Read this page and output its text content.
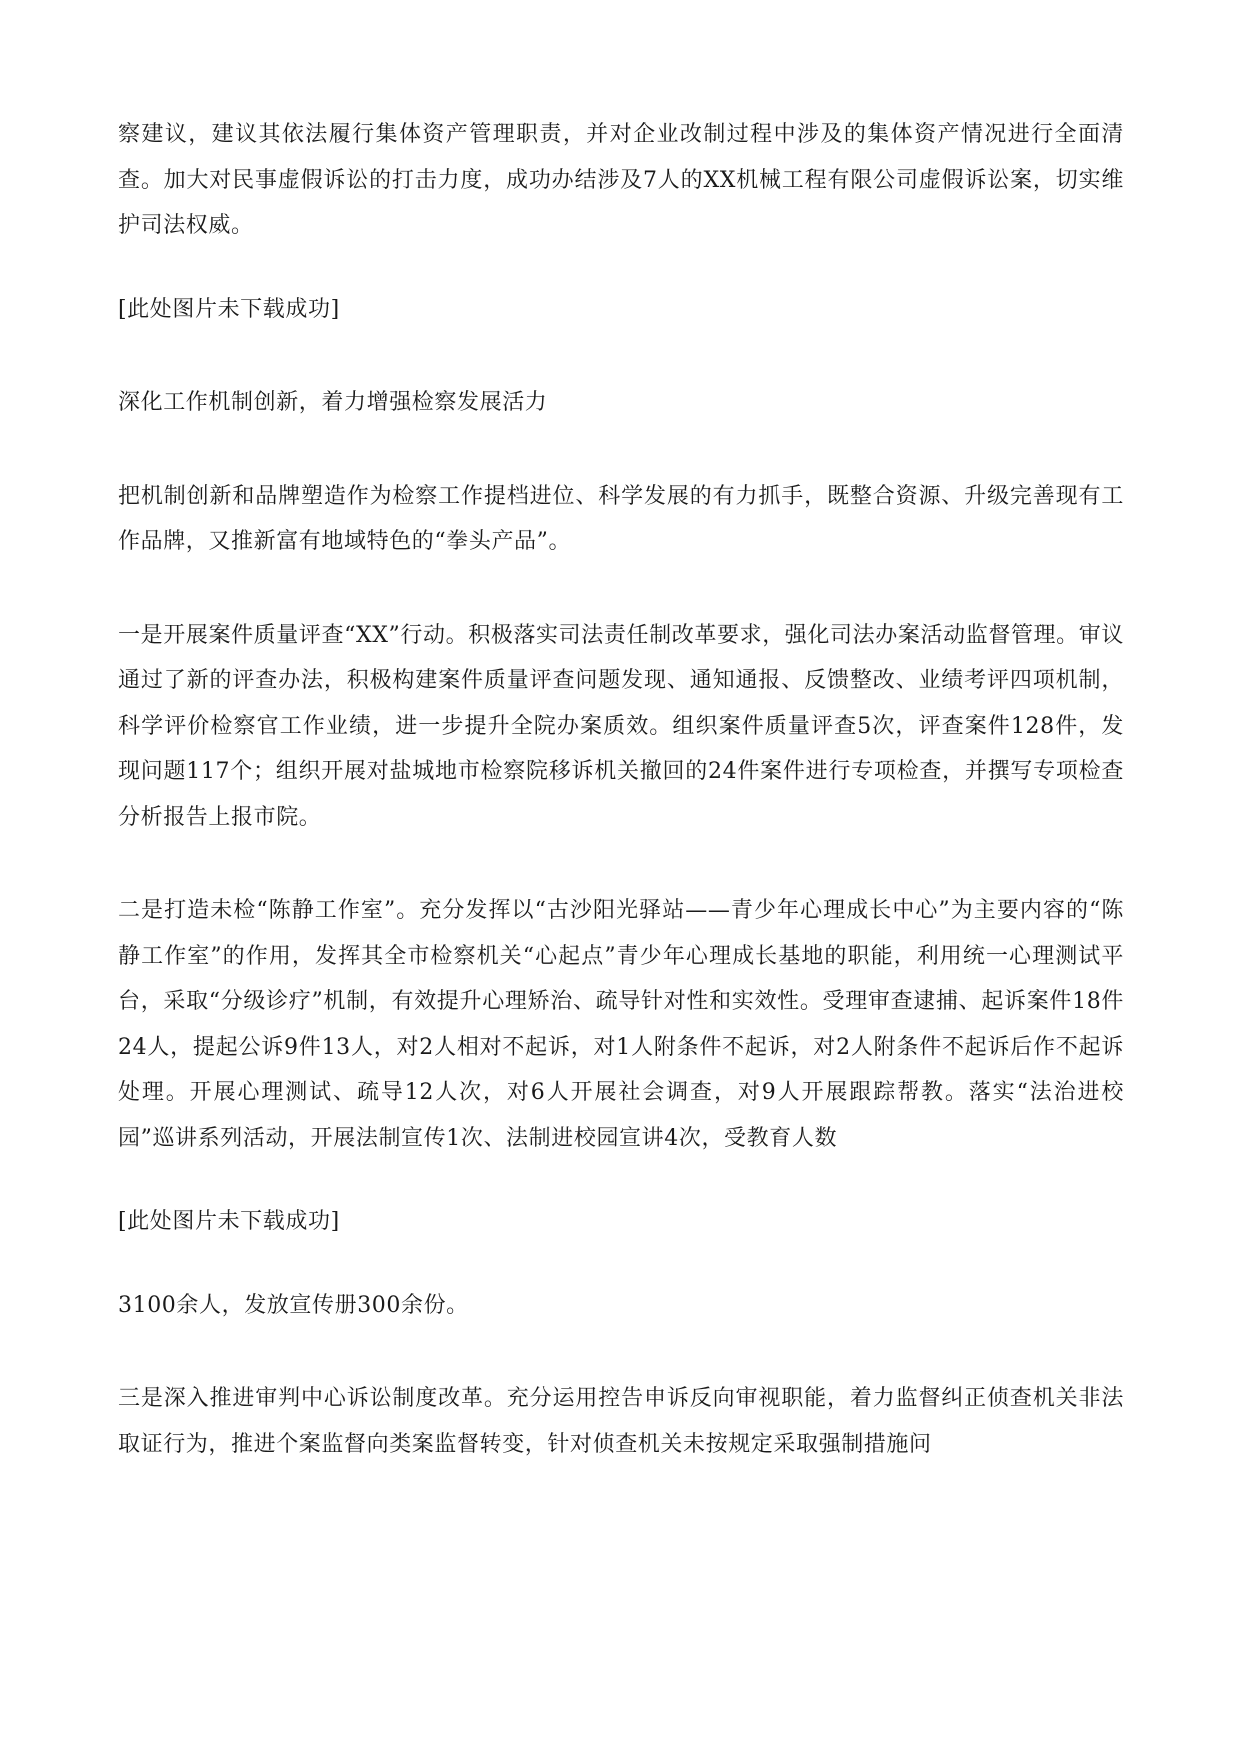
察建议，建议其依法履行集体资产管理职责，并对企业改制过程中涉及的集体资产情况进行全面清查。加大对民事虚假诉讼的打击力度，成功办结涉及7人的XX机械工程有限公司虚假诉讼案，切实维护司法权威。

[此处图片未下载成功]

深化工作机制创新，着力增强检察发展活力

把机制创新和品牌塑造作为检察工作提档进位、科学发展的有力抓手，既整合资源、升级完善现有工作品牌，又推新富有地域特色的“拳头产品”。

一是开展案件质量评查“XX”行动。积极落实司法责任制改革要求，强化司法办案活动监督管理。审议通过了新的评查办法，积极构建案件质量评查问题发现、通知通报、反馈整改、业绩考评四项机制，科学评价检察官工作业绩，进一步提升全院办案质效。组织案件质量评查5次，评查案件128件，发现问题117个；组织开展对盐城地市检察院移诉机关撤回的24件案件进行专项检查，并撰写专项检查分析报告上报市院。

二是打造未检“陈静工作室”。充分发挥以“古沙阳光驿站——青少年心理成长中心”为主要内容的“陈静工作室”的作用，发挥其全市检察机关“心起点”青少年心理成长基地的职能，利用统一心理测试平台，采取“分级诊疗”机制，有效提升心理矫治、疏导针对性和实效性。受理审查逮捕、起诉案件18件24人，提起公诉9件13人，对2人相对不起诉，对1人附条件不起诉，对2人附条件不起诉后作不起诉处理。开展心理测试、疏导12人次，对6人开展社会调查，对9人开展跟踪帮教。落实“法治进校园”巡讲系列活动，开展法制宣传1次、法制进校园宣讲4次，受教育人数

[此处图片未下载成功]

3100余人，发放宣传册300余份。

三是深入推进审判中心诉讼制度改革。充分运用控告申诉反向审视职能，着力监督纠正侦查机关非法取证行为，推进个案监督向类案监督转变，针对侦查机关未按规定采取强制措施问
